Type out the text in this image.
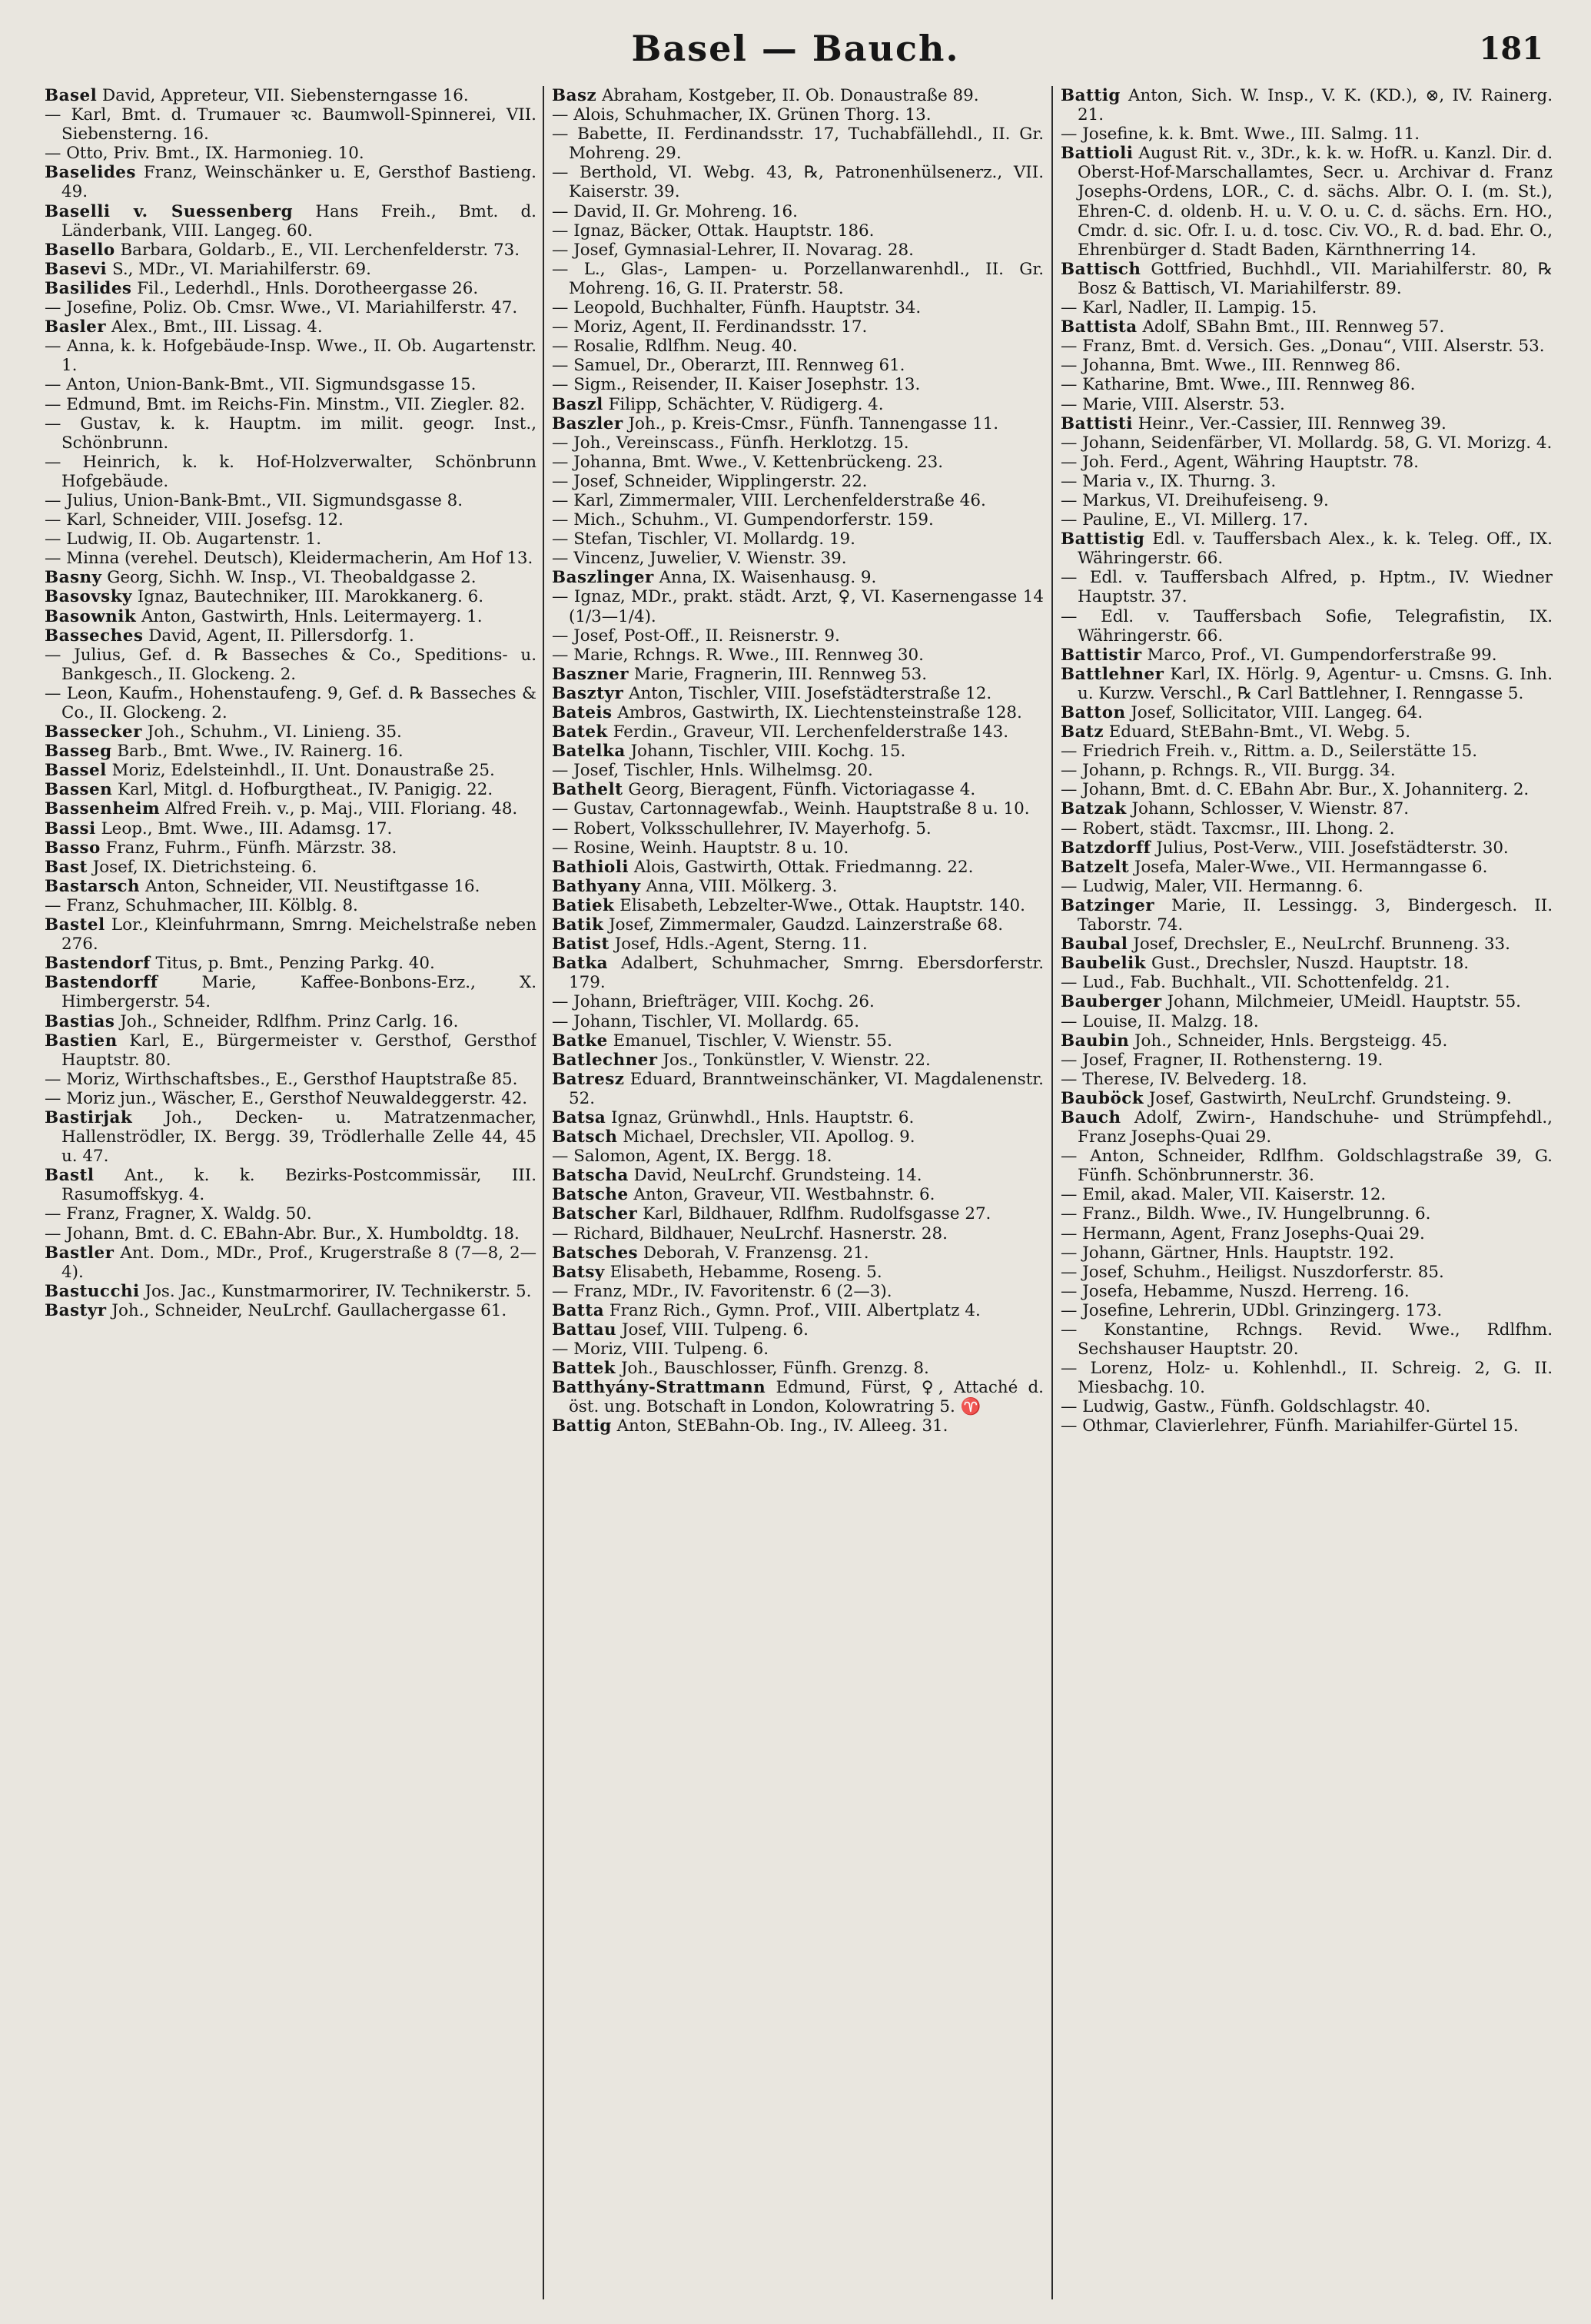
Basel — Bauch.	181

Basel David, Appreteur, VII. Siebensterngasse 16.

— Karl, Bmt. d. Trumauer ꝛc. Baumwoll-Spinnerei, VII. Siebensterng. 16.

— Otto, Priv. Bmt., IX. Harmonieg. 10.

Baselides Franz, Weinschänker u. E, Gersthof Bastieng. 49.

Baselli v. Suessenberg Hans Freih., Bmt. d. Länderbank, VIII. Langeg. 60.

Basello Barbara, Goldarb., E., VII. Lerchenfelderstr. 73.

Basevi S., MDr., VI. Mariahilferstr. 69.

Basilides Fil., Lederhdl., Hnls. Dorotheergasse 26.

— Josefine, Poliz. Ob. Cmsr. Wwe., VI. Mariahilferstr. 47.

Basler Alex., Bmt., III. Lissag. 4.

— Anna, k. k. Hofgebäude-Insp. Wwe., II. Ob. Augartenstr. 1.

— Anton, Union-Bank-Bmt., VII. Sigmundsgasse 15.

— Edmund, Bmt. im Reichs-Fin. Minstm., VII. Ziegler. 82.

— Gustav, k. k. Hauptm. im milit. geogr. Inst., Schönbrunn.

— Heinrich, k. k. Hof-Holzverwalter, Schönbrunn Hofgebäude.

— Julius, Union-Bank-Bmt., VII. Sigmundsgasse 8.

— Karl, Schneider, VIII. Josefsg. 12.

— Ludwig, II. Ob. Augartenstr. 1.

— Minna (verehel. Deutsch), Kleidermacherin, Am Hof 13.

Basny Georg, Sichh. W. Insp., VI. Theobaldgasse 2.

Basovsky Ignaz, Bautechniker, III. Marokkanerg. 6.

Basownik Anton, Gastwirth, Hnls. Leitermayerg. 1.

Basseches David, Agent, II. Pillersdorfg. 1.

— Julius, Gef. d. ℞ Basseches & Co., Speditions- u. Bankgesch., II. Glockeng. 2.

— Leon, Kaufm., Hohenstaufeng. 9, Gef. d. ℞ Basseches & Co., II. Glockeng. 2.

Bassecker Joh., Schuhm., VI. Linieng. 35.

Basseg Barb., Bmt. Wwe., IV. Rainerg. 16.

Bassel Moriz, Edelsteinhdl., II. Unt. Donaustraße 25.

Bassen Karl, Mitgl. d. Hofburgtheat., IV. Panigig. 22.

Bassenheim Alfred Freih. v., p. Maj., VIII. Floriang. 48.

Bassi Leop., Bmt. Wwe., III. Adamsg. 17.

Basso Franz, Fuhrm., Fünfh. Märzstr. 38.

Bast Josef, IX. Dietrichsteing. 6.

Bastarsch Anton, Schneider, VII. Neustiftgasse 16.

— Franz, Schuhmacher, III. Kölblg. 8.

Bastel Lor., Kleinfuhrmann, Smrng. Meichelstraße neben 276.

Bastendorf Titus, p. Bmt., Penzing Parkg. 40.

Bastendorff	Marie, Kaffee-Bonbons-Erz., X. Himbergerstr. 54.

Bastias Joh., Schneider, Rdlfhm. Prinz Carlg. 16.

Bastien Karl, E., Bürgermeister v. Gersthof, Gersthof Hauptstr. 80.

— Moriz, Wirthschaftsbes., E., Gersthof Hauptstraße 85.

— Moriz jun., Wäscher, E., Gersthof Neuwaldeggerstr. 42.

Bastirjak Joh., Decken- u. Matratzenmacher, Hallenströdler, IX. Bergg. 39, Trödlerhalle Zelle 44, 45 u. 47.

Bastl Ant., k. k. Bezirks-Postcommissär, III. Rasumoffskyg. 4.

— Franz, Fragner, X. Waldg. 50.

— Johann, Bmt. d. C. EBahn-Abr. Bur., X. Humboldtg. 18.

Bastler Ant. Dom., MDr., Prof., Krugerstraße 8 (7—8, 2—4).

Bastucchi Jos. Jac., Kunstmarmorirer, IV. Technikerstr. 5.

Bastyr Joh., Schneider, NeuLrchf. Gaullachergasse 61.

Basz Abraham, Kostgeber, II. Ob. Donaustraße 89.

— Alois, Schuhmacher, IX. Grünen Thorg. 13.

— Babette, II. Ferdinandsstr. 17, Tuchabfällehdl., II. Gr. Mohreng. 29.

— Berthold, VI. Webg. 43, ℞, Patronenhülsenerz., VII. Kaiserstr. 39.

— David, II. Gr. Mohreng. 16.

— Ignaz, Bäcker, Ottak. Hauptstr. 186.

— Josef, Gymnasial-Lehrer, II. Novarag. 28.

— L., Glas-, Lampen- u. Porzellanwarenhdl., II. Gr. Mohreng. 16, G. II. Praterstr. 58.

— Leopold, Buchhalter, Fünfh. Hauptstr. 34.

— Moriz, Agent, II. Ferdinandsstr. 17.

— Rosalie, Rdlfhm. Neug. 40.

— Samuel, Dr., Oberarzt, III. Rennweg 61.

— Sigm., Reisender, II. Kaiser Josephstr. 13.

Baszl Filipp, Schächter, V. Rüdigerg. 4.

Baszler Joh., p. Kreis-Cmsr., Fünfh. Tannengasse 11.

— Joh., Vereinscass., Fünfh. Herklotzg. 15.

— Johanna, Bmt. Wwe., V. Kettenbrückeng. 23.

— Josef, Schneider, Wipplingerstr. 22.

— Karl, Zimmermaler, VIII. Lerchenfelderstraße 46.

— Mich., Schuhm., VI. Gumpendorferstr. 159.

— Stefan, Tischler, VI. Mollardg. 19.

— Vincenz, Juwelier, V. Wienstr. 39.

Baszlinger Anna, IX. Waisenhausg. 9.

— Ignaz, MDr., prakt. städt. Arzt, ♀, VI. Kasernengasse 14 (1/3—1/4).

— Josef, Post-Off., II. Reisnerstr. 9.

— Marie, Rchngs. R. Wwe., III. Rennweg 30.

Baszner Marie, Fragnerin, III. Rennweg 53.

Basztyr Anton, Tischler, VIII. Josefstädterstraße 12.

Bateis Ambros, Gastwirth, IX. Liechtensteinstraße 128.

Batek Ferdin., Graveur, VII. Lerchenfelderstraße 143.

Batelka Johann, Tischler, VIII. Kochg. 15.

— Josef, Tischler, Hnls. Wilhelmsg. 20.

Bathelt Georg, Bieragent, Fünfh. Victoriagasse 4.

— Gustav, Cartonnagewfab., Weinh. Hauptstraße 8 u. 10.

— Robert, Volksschullehrer, IV. Mayerhofg. 5.

— Rosine, Weinh. Hauptstr. 8 u. 10.

Bathioli Alois, Gastwirth, Ottak. Friedmanng. 22.

Bathyany Anna, VIII. Mölkerg. 3.

Batiek Elisabeth, Lebzelter-Wwe., Ottak. Hauptstr. 140.

Batik Josef, Zimmermaler, Gaudzd. Lainzerstraße 68.

Batist Josef, Hdls.-Agent, Sterng. 11.

Batka Adalbert, Schuhmacher, Smrng. Ebersdorferstr. 179.

— Johann, Briefträger, VIII. Kochg. 26.

— Johann, Tischler, VI. Mollardg. 65.

Batke Emanuel, Tischler, V. Wienstr. 55.

Batlechner Jos., Tonkünstler, V. Wienstr. 22.

Batresz Eduard, Branntweinschänker, VI. Magdalenenstr. 52.

Batsa Ignaz, Grünwhdl., Hnls. Hauptstr. 6.

Batsch Michael, Drechsler, VII. Apollog. 9.

— Salomon, Agent, IX. Bergg. 18.

Batscha David, NeuLrchf. Grundsteing. 14.

Batsche Anton, Graveur, VII. Westbahnstr. 6.

Batscher Karl, Bildhauer, Rdlfhm. Rudolfsgasse 27.

— Richard, Bildhauer, NeuLrchf. Hasnerstr. 28.

Batsches Deborah, V. Franzensg. 21.

Batsy Elisabeth, Hebamme, Roseng. 5.

— Franz, MDr., IV. Favoritenstr. 6 (2—3).

Batta Franz Rich., Gymn. Prof., VIII. Albertplatz 4.

Battau Josef, VIII. Tulpeng. 6.

— Moriz, VIII. Tulpeng. 6.

Battek Joh., Bauschlosser, Fünfh. Grenzg. 8.

Batthyány-Strattmann Edmund, Fürst, ♀, Attaché d. öst. ung. Botschaft in London, Kolowratring 5. ♈

Battig Anton, StEBahn-Ob. Ing., IV. Alleeg. 31.

Battig Anton, Sich. W. Insp., V. K. (KD.), ⊗, IV. Rainerg. 21.

— Josefine, k. k. Bmt. Wwe., III. Salmg. 11.

Battioli August Rit. v., 3Dr., k. k. w. HofR. u. Kanzl. Dir. d. Oberst-Hof-Marschallamtes, Secr. u. Archivar d. Franz Josephs-Ordens, LOR., C. d. sächs. Albr. O. I. (m. St.), Ehren-C. d. oldenb. H. u. V. O. u. C. d. sächs. Ern. HO., Cmdr. d. sic. Ofr. I. u. d. tosc. Civ. VO., R. d. bad. Ehr. O., Ehrenbürger d. Stadt Baden, Kärnthnerring 14.

Battisch Gottfried, Buchhdl., VII. Mariahilferstr. 80, ℞ Bosz & Battisch, VI. Mariahilferstr. 89.

— Karl, Nadler, II. Lampig. 15.

Battista Adolf, SBahn Bmt., III. Rennweg 57.

— Franz, Bmt. d. Versich. Ges. „Donau“, VIII. Alserstr. 53.

— Johanna, Bmt. Wwe., III. Rennweg 86.

— Katharine, Bmt. Wwe., III. Rennweg 86.

— Marie, VIII. Alserstr. 53.

Battisti Heinr., Ver.-Cassier, III. Rennweg 39.

— Johann, Seidenfärber, VI. Mollardg. 58, G. VI. Morizg. 4.

— Joh. Ferd., Agent, Währing Hauptstr. 78.

— Maria v., IX. Thurng. 3.

— Markus, VI. Dreihufeiseng. 9.

— Pauline, E., VI. Millerg. 17.

Battistig Edl. v. Tauffersbach Alex., k. k. Teleg. Off., IX. Währingerstr. 66.

— Edl. v. Tauffersbach Alfred, p. Hptm., IV. Wiedner Hauptstr. 37.

— Edl. v. Tauffersbach Sofie, Telegrafistin, IX. Währingerstr. 66.

Battistir Marco, Prof., VI. Gumpendorferstraße 99.

Battlehner Karl, IX. Hörlg. 9, Agentur- u. Cmsns. G. Inh. u. Kurzw. Verschl., ℞ Carl Battlehner, I. Renngasse 5.

Batton Josef, Sollicitator, VIII. Langeg. 64.

Batz Eduard, StEBahn-Bmt., VI. Webg. 5.

— Friedrich Freih. v., Rittm. a. D., Seilerstätte 15.

— Johann, p. Rchngs. R., VII. Burgg. 34.

— Johann, Bmt. d. C. EBahn Abr. Bur., X. Johanniterg. 2.

Batzak Johann, Schlosser, V. Wienstr. 87.

— Robert, städt. Taxcmsr., III. Lhong. 2.

Batzdorff Julius, Post-Verw., VIII. Josefstädterstr. 30.

Batzelt Josefa, Maler-Wwe., VII. Hermanngasse 6.

— Ludwig, Maler, VII. Hermanng. 6.

Batzinger Marie, II. Lessingg. 3, Bindergesch. II. Taborstr. 74.

Baubal Josef, Drechsler, E., NeuLrchf. Brunneng. 33.

Baubelik Gust., Drechsler, Nuszd. Hauptstr. 18.

— Lud., Fab. Buchhalt., VII. Schottenfeldg. 21.

Bauberger Johann, Milchmeier, UMeidl. Hauptstr. 55.

— Louise, II. Malzg. 18.

Baubin Joh., Schneider, Hnls. Bergsteigg. 45.

— Josef, Fragner, II. Rothensterng. 19.

— Therese, IV. Belvederg. 18.

Bauböck Josef, Gastwirth, NeuLrchf. Grundsteing. 9.

Bauch Adolf, Zwirn-, Handschuhe- und Strümpfehdl., Franz Josephs-Quai 29.

— Anton, Schneider, Rdlfhm. Goldschlagstraße 39, G. Fünfh. Schönbrunnerstr. 36.

— Emil, akad. Maler, VII. Kaiserstr. 12.

— Franz., Bildh. Wwe., IV. Hungelbrunng. 6.

— Hermann, Agent, Franz Josephs-Quai 29.

— Johann, Gärtner, Hnls. Hauptstr. 192.

— Josef, Schuhm., Heiligst. Nuszdorferstr. 85.

— Josefa, Hebamme, Nuszd. Herreng. 16.

— Josefine, Lehrerin, UDbl. Grinzingerg. 173.

— Konstantine, Rchngs. Revid. Wwe., Rdlfhm. Sechshauser Hauptstr. 20.

— Lorenz, Holz- u. Kohlenhdl., II. Schreig. 2, G. II. Miesbachg. 10.

— Ludwig, Gastw., Fünfh. Goldschlagstr. 40.

— Othmar, Clavierlehrer, Fünfh. Mariahilfer-Gürtel 15.
